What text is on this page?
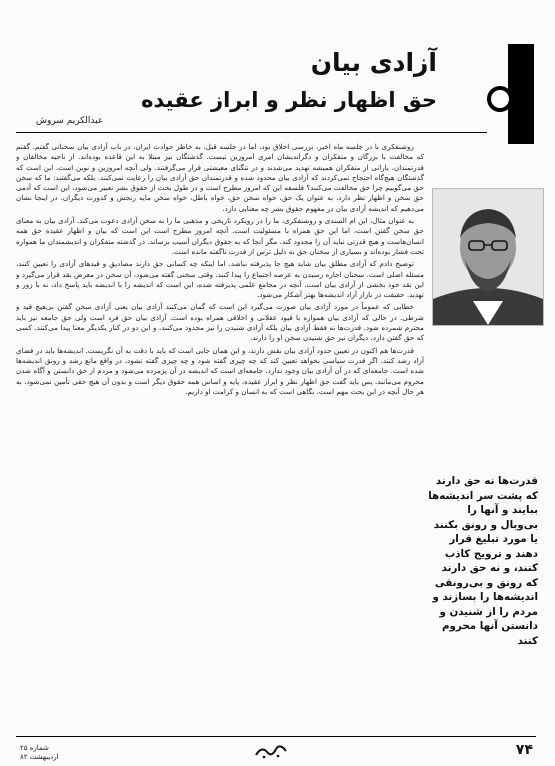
آزادی بیان
حق اظهار نظر و ابراز عقیده
عبدالکریم سروش

روشنفکری با در جلسه ماه اخیر، بررسی اخلاق بود، اما در جلسه قبل، به خاطر حوادث ایران، در باب آزادی بیان سخنانی گفتم. گفتم که مخالفت با بزرگان و متفکران و دگراندیشان امری امروزین نیست. گذشتگان نیز مبتلا به این قاعده بوده‌اند. از ناحیه مخالفان و قدرتمندان، یارانی از متفکران همیشه تهدید می‌شدند و در تنگنای معیشتی قرار می‌گرفتند. ولی آنچه امروزین و نوین است، این است که گذشتگان هیچ‌گاه احتجاج نمی‌کردند که آزادی بیان محدود شده و قدرتمندان حق آزادی بیان را رعایت نمی‌کنند. بلکه می‌گفتند: ما که سخن حق می‌گوییم چرا حق مخالفت می‌کنند؟ فلسفه این که امروز مطرح است و در طول بحث از حقوق بشر تعبیر می‌شود، این است که آدمی حق سخن و اظهار نظر دارد، به عنوان یک حق، خواه سخن حق، خواه باطل، خواه سخن مایه رنجش و کدورت دیگران. در اینجا نشان می‌دهیم که اندیشه آزادی بیان در مفهوم حقوق بشر چه معنایی دارد.

به عنوان مثال، ابن ام السندی و روشنفکری، ما را در رویکرد تاریخی و مذهبی ما را به سخن آزادی دعوت می‌کند. آزادی بیان به معنای حق سخن گفتن است، اما این حق همراه با مسئولیت است. آنچه امروز مطرح است این است که بیان و اظهار عقیده حق همه انسان‌هاست و هیچ قدرتی نباید آن را محدود کند، مگر آنجا که به حقوق دیگران آسیب برساند. در گذشته متفکران و اندیشمندان ما همواره تحت فشار بوده‌اند و بسیاری از سخنان حق به دلیل ترس از قدرت ناگفته مانده است.

توضیح دادم که آزادی مطلق بیان شاید هیچ جا پذیرفته نباشد. اما اینکه چه کسانی حق دارند مصادیق و قیدهای آزادی را تعیین کنند، مسئله اصلی است. سخنان اجازه رسیدن به عرصه اجتماع را پیدا کنند. وقتی سخنی گفته می‌شود، آن سخن در معرض نقد قرار می‌گیرد و این نقد خود بخشی از آزادی بیان است. آنچه در مجامع علمی پذیرفته شده، این است که اندیشه را با اندیشه باید پاسخ داد، نه با زور و تهدید. حقیقت در بازار آزاد اندیشه‌ها بهتر آشکار می‌شود.

خطایی که عموماً در مورد آزادی بیان صورت می‌گیرد این است که گمان می‌کنند آزادی بیان یعنی آزادی سخن گفتن بی‌هیچ قید و شرطی. در حالی که آزادی بیان همواره با قیود عقلانی و اخلاقی همراه بوده است. آزادی بیان حق فرد است ولی حق جامعه نیز باید محترم شمرده شود. قدرت‌ها نه فقط آزادی بیان بلکه آزادی شنیدن را نیز محدود می‌کنند، و این دو در کنار یکدیگر معنا پیدا می‌کنند. کسی که حق گفتن دارد، دیگران نیز حق شنیدن سخن او را دارند.

قدرت‌ها هم اکنون در تعیین حدود آزادی بیان نقش دارند، و این همان جایی است که باید با دقت به آن نگریست. اندیشه‌ها باید در فضای آزاد رشد کنند. اگر قدرت سیاسی بخواهد تعیین کند که چه چیزی گفته شود و چه چیزی گفته نشود، در واقع مانع رشد و رونق اندیشه‌ها شده است. جامعه‌ای که در آن آزادی بیان وجود ندارد، جامعه‌ای است که اندیشه در آن پژمرده می‌شود و مردم از حق دانستن و آگاه شدن محروم می‌مانند. پس باید گفت حق اظهار نظر و ابراز عقیده، پایه و اساس همه حقوق دیگر است و بدون آن هیچ حقی تأمین نمی‌شود. به هر حال آنچه در این بحث مهم است، نگاهی است که به انسان و کرامت او داریم.

قدرت‌ها نه حق دارند که پشت سر اندیشه‌ها ببایند و آنها را بی‌وبال و رونق بکنند یا مورد تبلیغ قرار دهند و ترویج کاذب کنند، و نه حق دارند که رونق و بی‌رونقی اندیشه‌ها را بسازند و مردم را از شنیدن و دانستن آنها محروم کنند
۷۴
شماره ۲۵
اردیبهشت ۸۲
